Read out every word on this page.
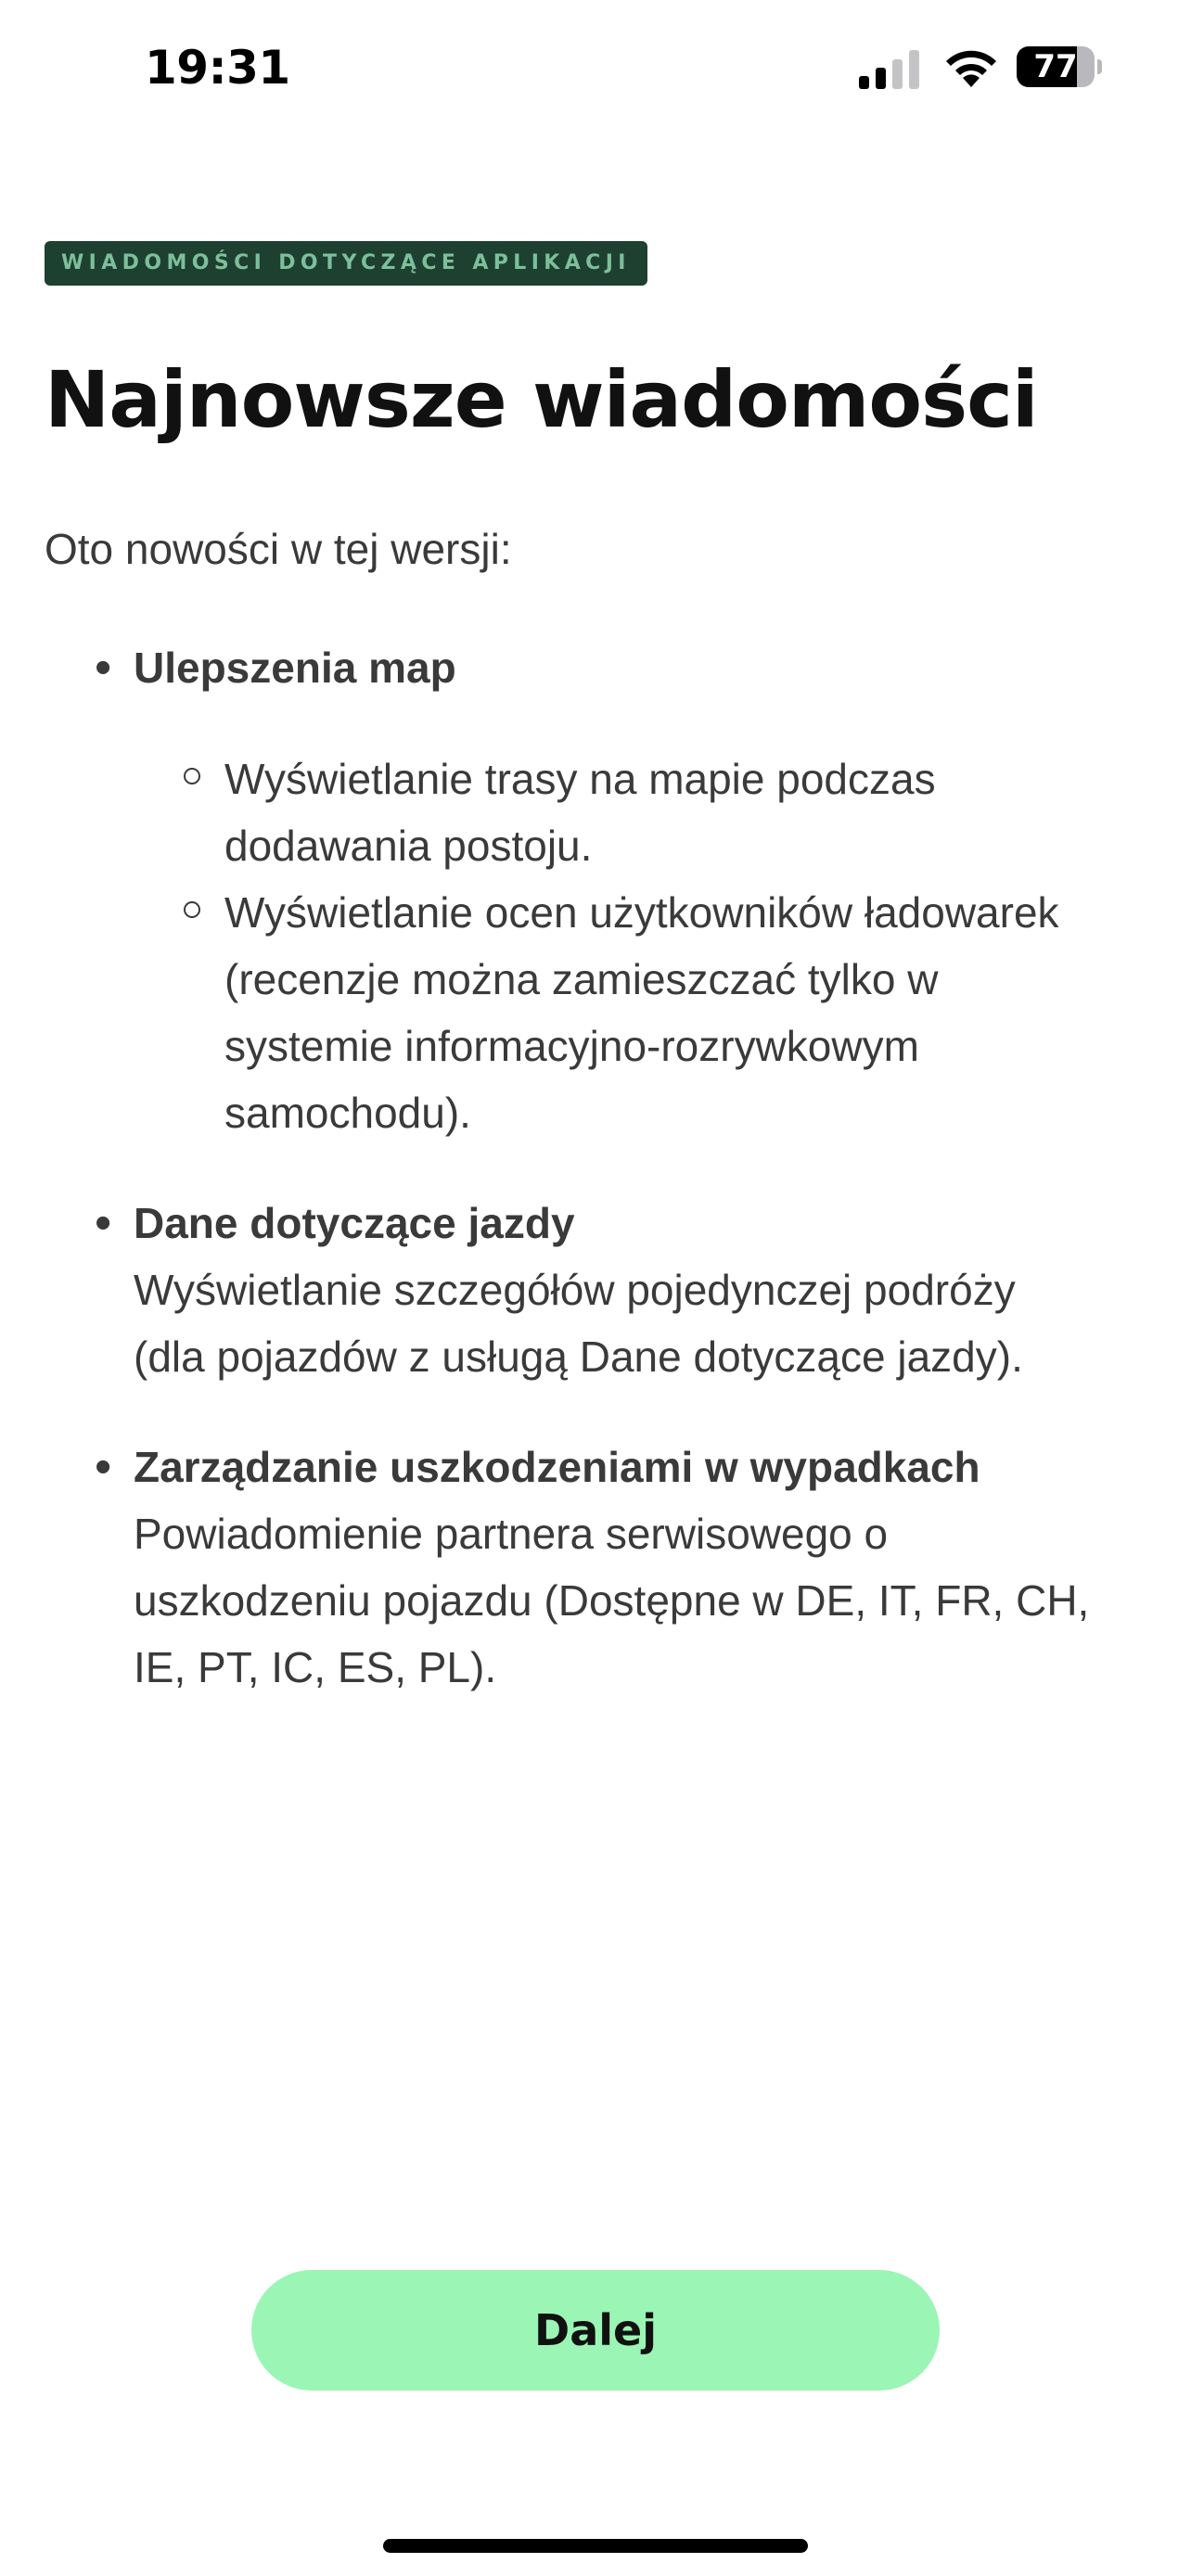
19:31	77
WIADOMOŚCI DOTYCZĄCE APLIKACJI
Najnowsze wiadomości
Oto nowości w tej wersji:
• Ulepszenia map
Wyświetlanie trasy na mapie podczas
dodawania postoju.
Wyświetlanie ocen użytkowników ładowarek
(recenzje można zamieszczać tylko w
systemie informacyjno-rozrywkowym
samochodu).
• Dane dotyczące jazdy
Wyświetlanie szczegółów pojedynczej podróży
(dla pojazdów z usługą Dane dotyczące jazdy).
• Zarządzanie uszkodzeniami w wypadkach
Powiadomienie partnera serwisowego o
uszkodzeniu pojazdu (Dostępne w DE, IT, FR, CH,
IE, PT, IC, ES, PL).
Dalej
